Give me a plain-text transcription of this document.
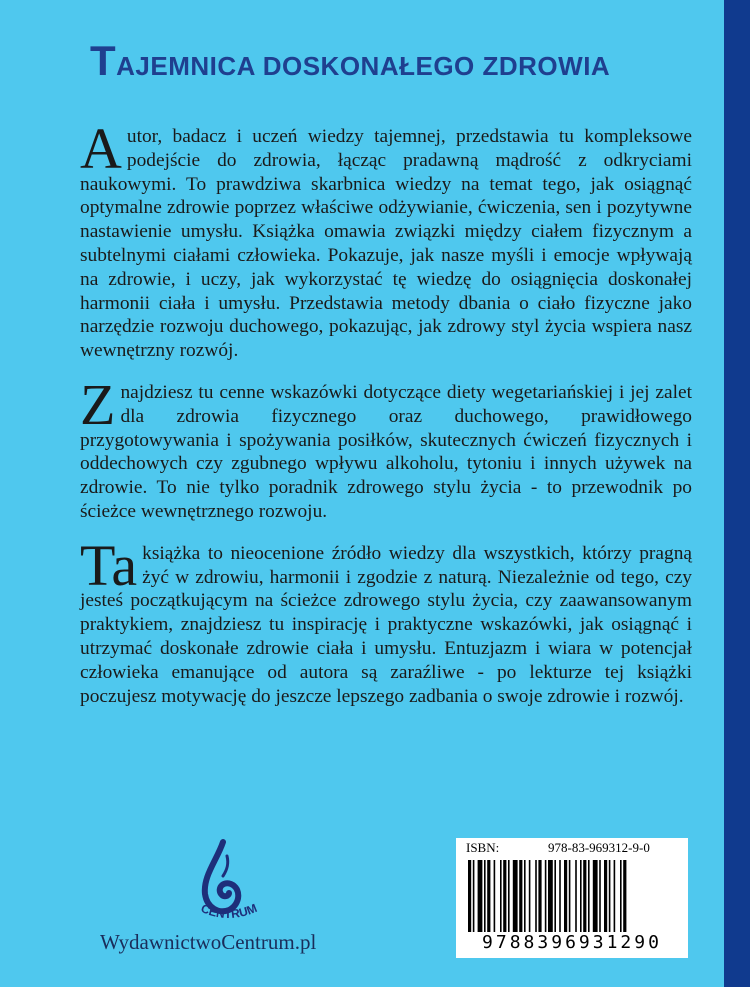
TAJEMNICA DOSKONAŁEGO ZDROWIA

Autor, badacz i uczeń wiedzy tajemnej, przedstawia tu kompleksowe podejście do zdrowia, łącząc pradawną mądrość z odkryciami naukowymi. To prawdziwa skarbnica wiedzy na temat tego, jak osiągnąć optymalne zdrowie poprzez właściwe odżywianie, ćwiczenia, sen i pozytywne nastawienie umysłu. Książka omawia związki między ciałem fizycznym a subtelnymi ciałami człowieka. Pokazuje, jak nasze myśli i emocje wpływają na zdrowie, i uczy, jak wykorzystać tę wiedzę do osiągnięcia doskonałej harmonii ciała i umysłu. Przedstawia metody dbania o ciało fizyczne jako narzędzie rozwoju duchowego, pokazując, jak zdrowy styl życia wspiera nasz wewnętrzny rozwój.

Znajdziesz tu cenne wskazówki dotyczące diety wegetariańskiej i jej zalet dla zdrowia fizycznego oraz duchowego, prawidłowego przygotowywania i spożywania posiłków, skutecznych ćwiczeń fizycznych i oddechowych czy zgubnego wpływu alkoholu, tytoniu i innych używek na zdrowie. To nie tylko poradnik zdrowego stylu życia - to przewodnik po ścieżce wewnętrznego rozwoju.

Ta książka to nieocenione źródło wiedzy dla wszystkich, którzy pragną żyć w zdrowiu, harmonii i zgodzie z naturą. Niezależnie od tego, czy jesteś początkującym na ścieżce zdrowego stylu życia, czy zaawansowanym praktykiem, znajdziesz tu inspirację i praktyczne wskazówki, jak osiągnąć i utrzymać doskonałe zdrowie ciała i umysłu. Entuzjazm i wiara w potencjał człowieka emanujące od autora są zaraźliwe - po lekturze tej książki poczujesz motywację do jeszcze lepszego zadbania o swoje zdrowie i rozwój.

CENTRUM
WydawnictwoCentrum.pl
ISBN:	978-83-969312-9-0
9788396931290
